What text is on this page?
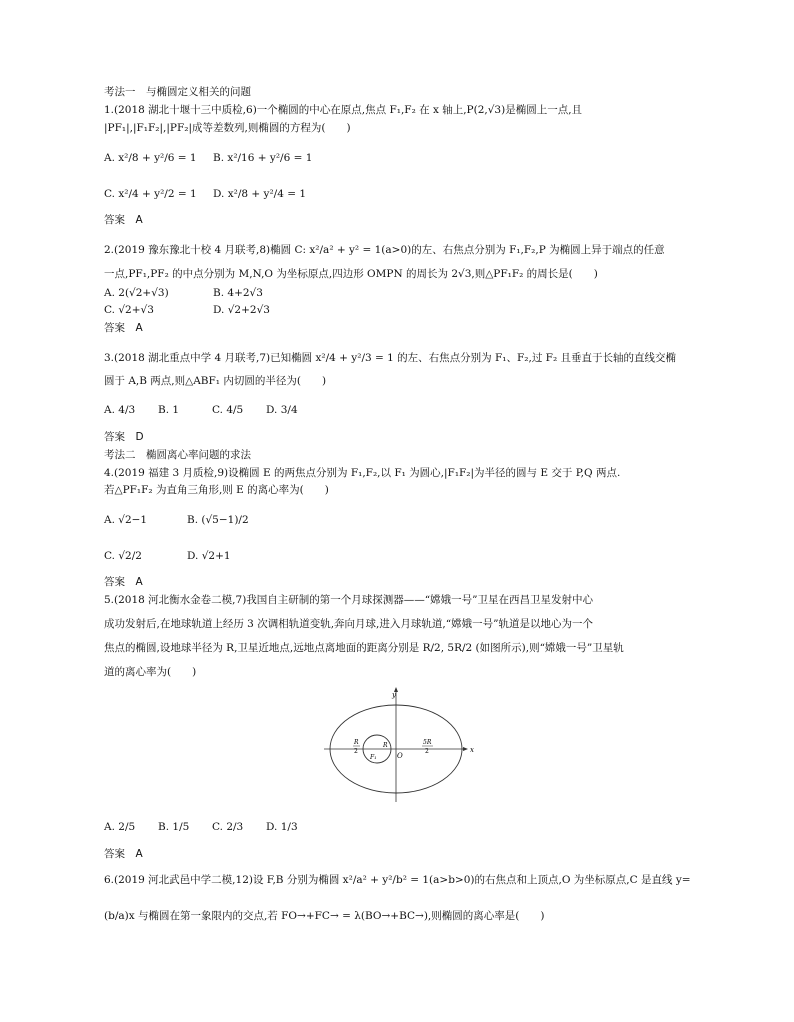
考法一　与椭圆定义相关的问题
1.(2018 湖北十堰十三中质检,6)一个椭圆的中心在原点,焦点 F₁,F₂ 在 x 轴上,P(2,√3)是椭圆上一点,且
|PF₁|,|F₁F₂|,|PF₂|成等差数列,则椭圆的方程为(　　)
A. x²/8 + y²/6 = 1 B. x²/16 + y²/6 = 1
C. x²/4 + y²/2 = 1 D. x²/8 + y²/4 = 1
答案　A
2.(2019 豫东豫北十校 4 月联考,8)椭圆 C: x²/a² + y² = 1(a>0)的左、右焦点分别为 F₁,F₂,P 为椭圆上异于端点的任意
一点,PF₁,PF₂ 的中点分别为 M,N,O 为坐标原点,四边形 OMPN 的周长为 2√3,则△PF₁F₂ 的周长是(　　)
A. 2(√2+√3)	B. 4+2√3
C. √2+√3	D. √2+2√3
答案　A
3.(2018 湖北重点中学 4 月联考,7)已知椭圆 x²/4 + y²/3 = 1 的左、右焦点分别为 F₁、F₂,过 F₂ 且垂直于长轴的直线交椭
圆于 A,B 两点,则△ABF₁ 内切圆的半径为(　　)
A. 4/3 B. 1	C. 4/5 D. 3/4
答案　D
考法二　椭圆离心率问题的求法
4.(2019 福建 3 月质检,9)设椭圆 E 的两焦点分别为 F₁,F₂,以 F₁ 为圆心,|F₁F₂|为半径的圆与 E 交于 P,Q 两点.
若△PF₁F₂ 为直角三角形,则 E 的离心率为(　　)
A. √2−1	B. (√5−1)/2
C. √2/2	D. √2+1
答案　A
5.(2018 河北衡水金卷二模,7)我国自主研制的第一个月球探测器——“嫦娥一号”卫星在西昌卫星发射中心
成功发射后,在地球轨道上经历 3 次调相轨道变轨,奔向月球,进入月球轨道,“嫦娥一号”轨道是以地心为一个
焦点的椭圆,设地球半径为 R,卫星近地点,远地点离地面的距离分别是 R/2, 5R/2 (如图所示),则“嫦娥一号”卫星轨
道的离心率为(　　)
y
x
O
F₁
R
R
2
5R
2
A. 2/5 B. 1/5 C. 2/3 D. 1/3
答案　A
6.(2019 河北武邑中学二模,12)设 F,B 分别为椭圆 x²/a² + y²/b² = 1(a>b>0)的右焦点和上顶点,O 为坐标原点,C 是直线 y=
(b/a)x 与椭圆在第一象限内的交点,若 FO→+FC→ = λ(BO→+BC→),则椭圆的离心率是(　　)
